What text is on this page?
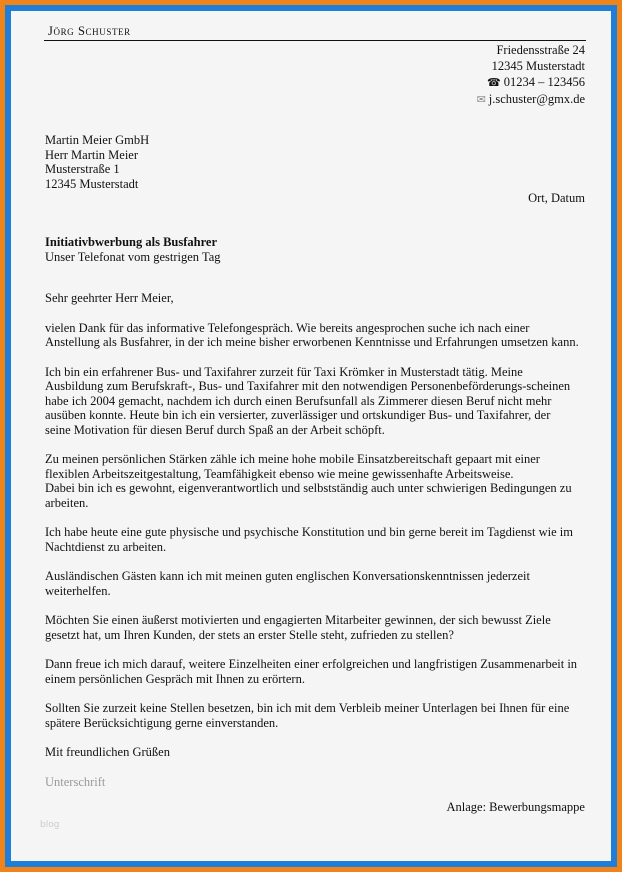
Jörg Schuster
Friedensstraße 24
12345 Musterstadt
☎ 01234 – 123456
✉ j.schuster@gmx.de
Martin Meier GmbH
Herr Martin Meier
Musterstraße 1
12345 Musterstadt
Ort, Datum
Initiativbwerbung als Busfahrer
Unser Telefonat vom gestrigen Tag

Sehr geehrter Herr Meier,

vielen Dank für das informative Telefongespräch. Wie bereits angesprochen suche ich nach einer
Anstellung als Busfahrer, in der ich meine bisher erworbenen Kenntnisse und Erfahrungen umsetzen kann.

Ich bin ein erfahrener Bus- und Taxifahrer zurzeit für Taxi Krömker in Musterstadt tätig. Meine
Ausbildung zum Berufskraft-, Bus- und Taxifahrer mit den notwendigen Personenbeförderungs-scheinen
habe ich 2004 gemacht, nachdem ich durch einen Berufsunfall als Zimmerer diesen Beruf nicht mehr
ausüben konnte. Heute bin ich ein versierter, zuverlässiger und ortskundiger Bus- und Taxifahrer, der
seine Motivation für diesen Beruf durch Spaß an der Arbeit schöpft.

Zu meinen persönlichen Stärken zähle ich meine hohe mobile Einsatzbereitschaft gepaart mit einer
flexiblen Arbeitszeitgestaltung, Teamfähigkeit ebenso wie meine gewissenhafte Arbeitsweise.
Dabei bin ich es gewohnt, eigenverantwortlich und selbstständig auch unter schwierigen Bedingungen zu
arbeiten.

Ich habe heute eine gute physische und psychische Konstitution und bin gerne bereit im Tagdienst wie im
Nachtdienst zu arbeiten.

Ausländischen Gästen kann ich mit meinen guten englischen Konversationskenntnissen jederzeit
weiterhelfen.

Möchten Sie einen äußerst motivierten und engagierten Mitarbeiter gewinnen, der sich bewusst Ziele
gesetzt hat, um Ihren Kunden, der stets an erster Stelle steht, zufrieden zu stellen?

Dann freue ich mich darauf, weitere Einzelheiten einer erfolgreichen und langfristigen Zusammenarbeit in
einem persönlichen Gespräch mit Ihnen zu erörtern.

Sollten Sie zurzeit keine Stellen besetzen, bin ich mit dem Verbleib meiner Unterlagen bei Ihnen für eine
spätere Berücksichtigung gerne einverstanden.

Mit freundlichen Grüßen

Unterschrift

Anlage: Bewerbungsmappe
blog
